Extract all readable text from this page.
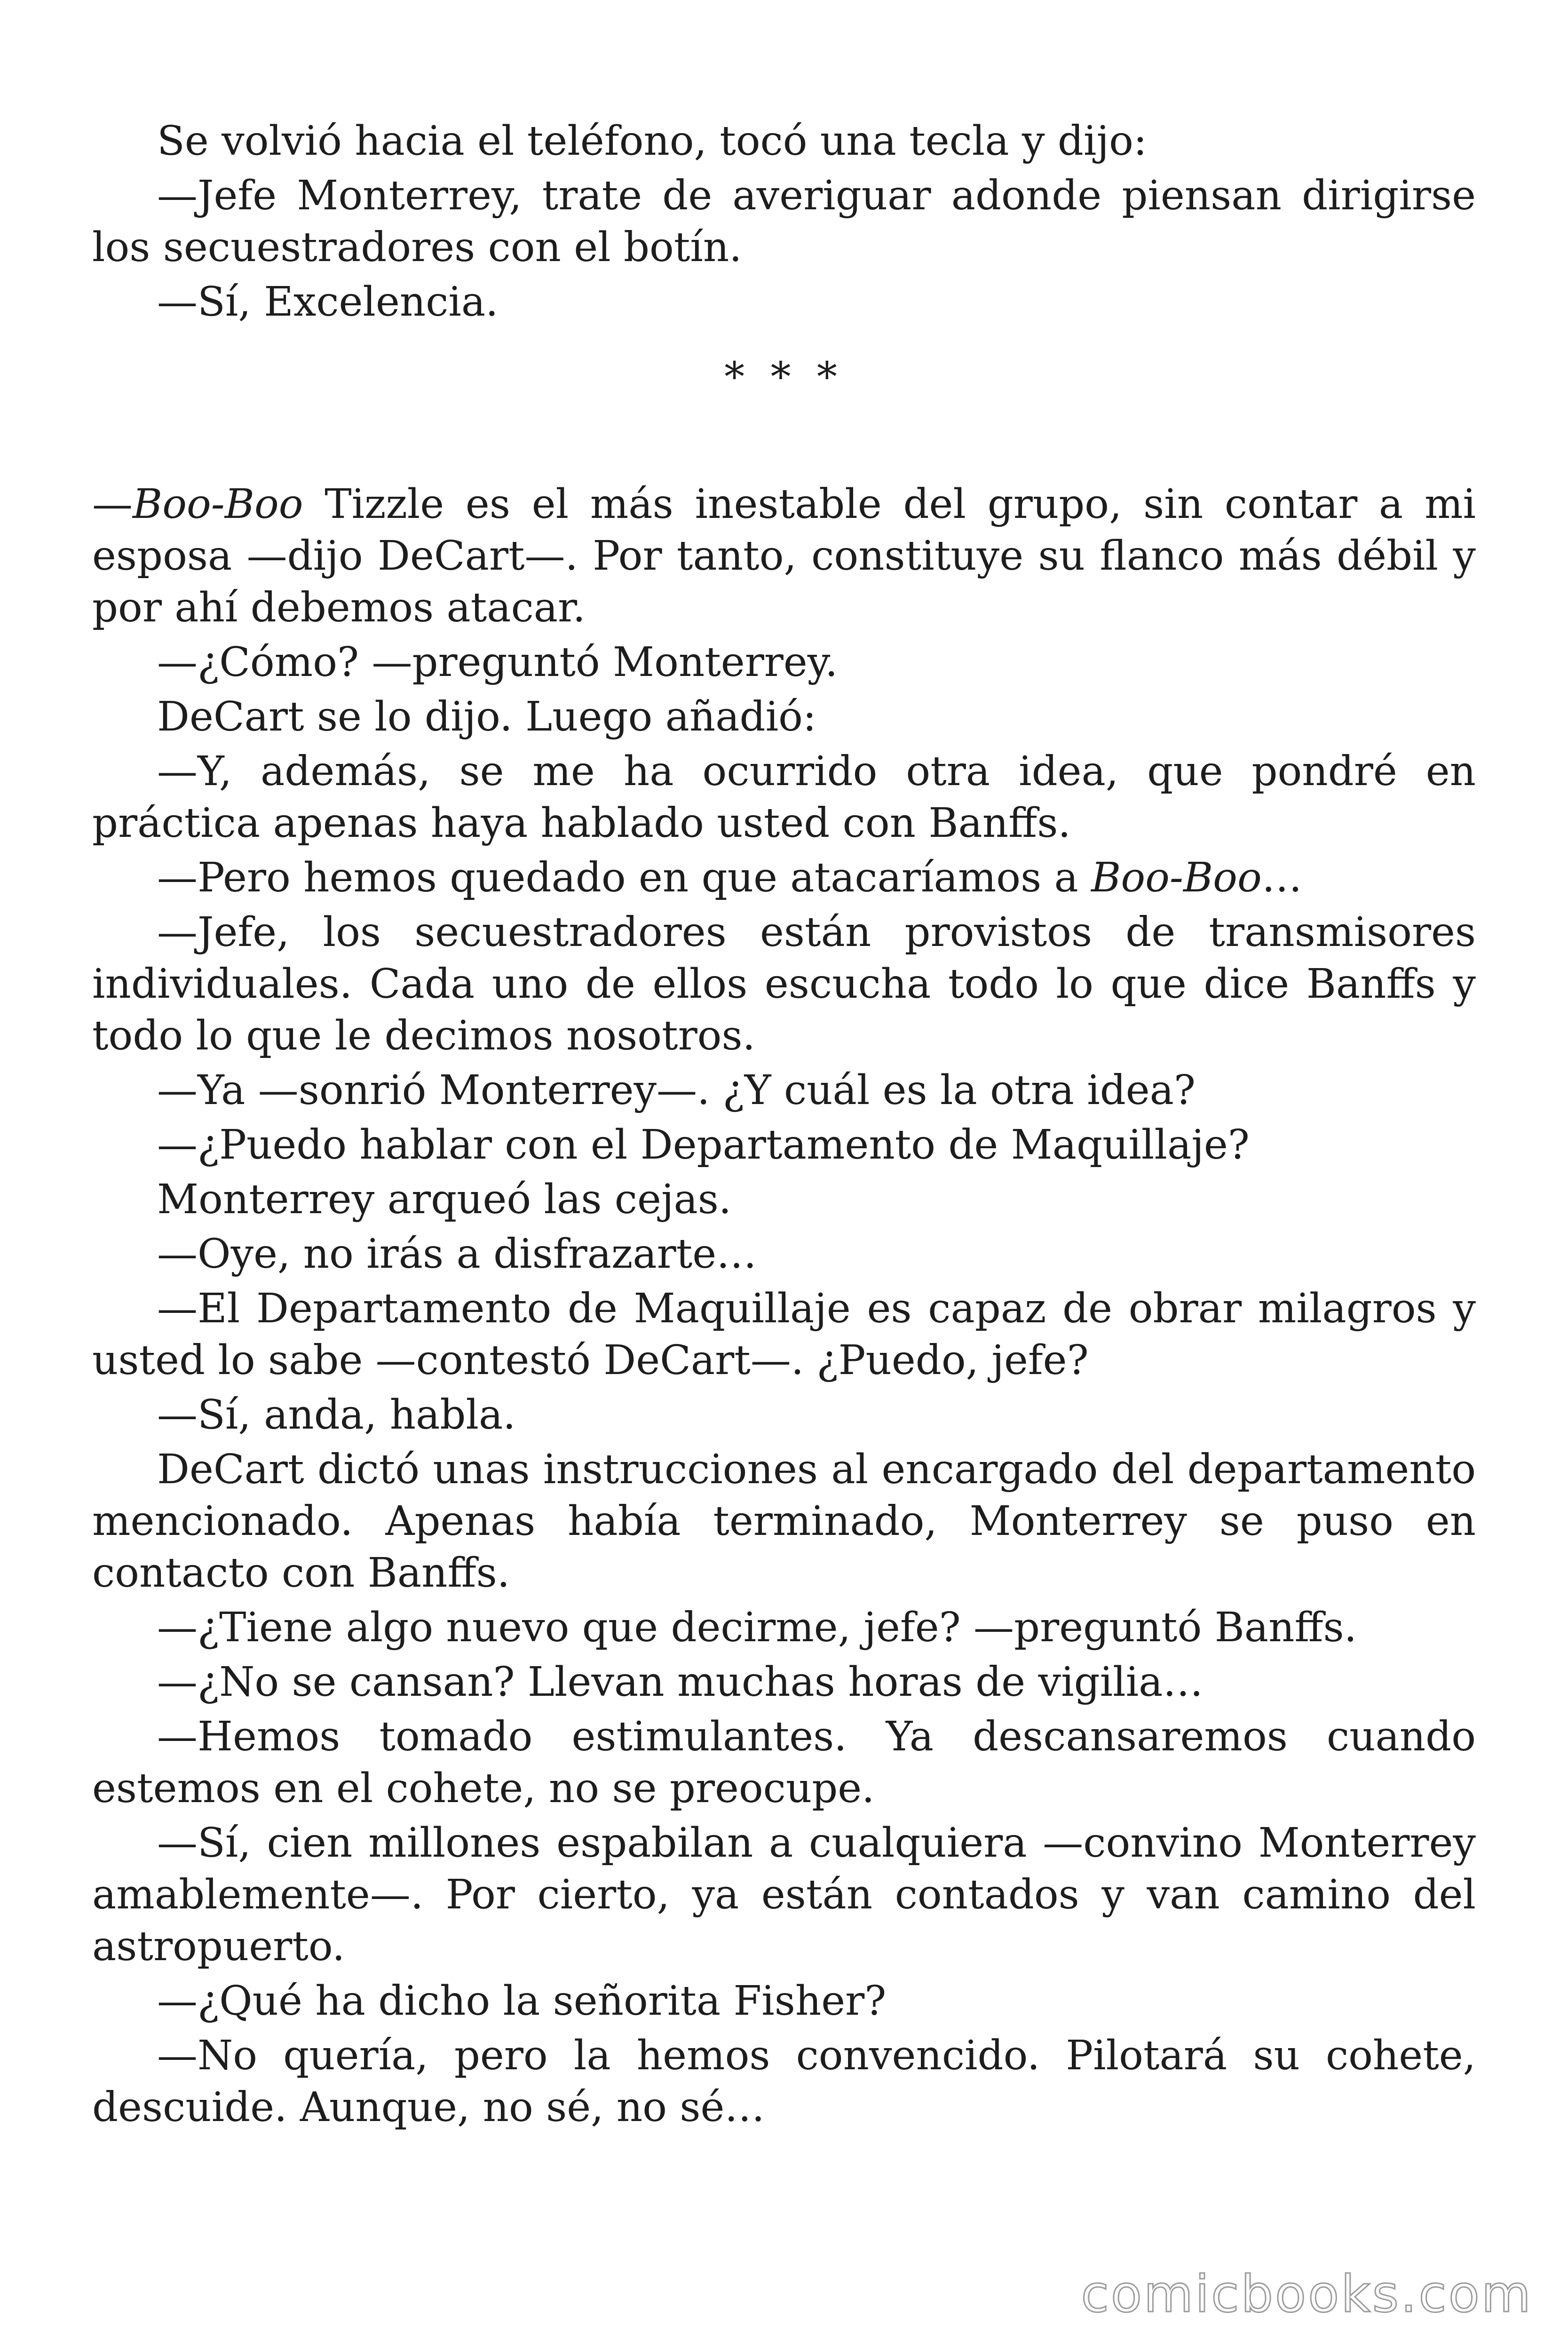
Se volvió hacia el teléfono, tocó una tecla y dijo:

—Jefe Monterrey, trate de averiguar adonde piensan dirigirse los secuestradores con el botín.

—Sí, Excelencia.

* * *

—Boo-Boo Tizzle es el más inestable del grupo, sin contar a mi esposa —dijo DeCart—. Por tanto, constituye su flanco más débil y por ahí debemos atacar.

—¿Cómo? —preguntó Monterrey.

DeCart se lo dijo. Luego añadió:

—Y, además, se me ha ocurrido otra idea, que pondré en práctica apenas haya hablado usted con Banffs.

—Pero hemos quedado en que atacaríamos a Boo-Boo…

—Jefe, los secuestradores están provistos de transmisores individuales. Cada uno de ellos escucha todo lo que dice Banffs y todo lo que le decimos nosotros.

—Ya —sonrió Monterrey—. ¿Y cuál es la otra idea?

—¿Puedo hablar con el Departamento de Maquillaje?

Monterrey arqueó las cejas.

—Oye, no irás a disfrazarte…

—El Departamento de Maquillaje es capaz de obrar milagros y usted lo sabe —contestó DeCart—. ¿Puedo, jefe?

—Sí, anda, habla.

DeCart dictó unas instrucciones al encargado del departamento mencionado. Apenas había terminado, Monterrey se puso en contacto con Banffs.

—¿Tiene algo nuevo que decirme, jefe? —preguntó Banffs.

—¿No se cansan? Llevan muchas horas de vigilia…

—Hemos tomado estimulantes. Ya descansaremos cuando estemos en el cohete, no se preocupe.

—Sí, cien millones espabilan a cualquiera —convino Monterrey amablemente—. Por cierto, ya están contados y van camino del astropuerto.

—¿Qué ha dicho la señorita Fisher?

—No quería, pero la hemos convencido. Pilotará su cohete, descuide. Aunque, no sé, no sé…

comicbooks.com
